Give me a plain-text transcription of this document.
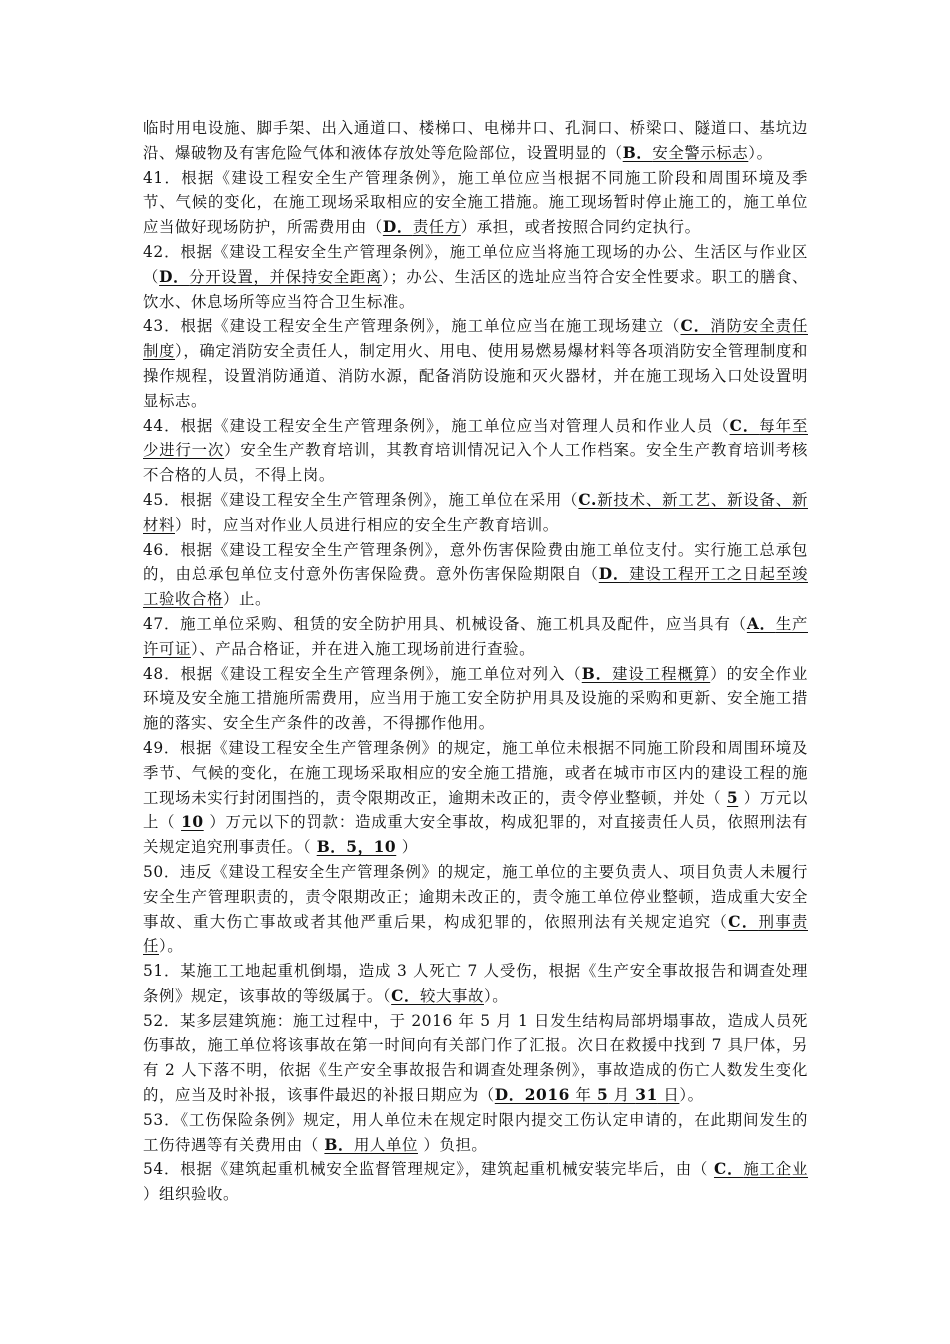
临时用电设施、脚手架、出入通道口、楼梯口、电梯井口、孔洞口、桥梁口、隧道口、基坑边沿、爆破物及有害危险气体和液体存放处等危险部位，设置明显的（B．安全警示标志）。

41．根据《建设工程安全生产管理条例》，施工单位应当根据不同施工阶段和周围环境及季节、气候的变化，在施工现场采取相应的安全施工措施。施工现场暂时停止施工的，施工单位应当做好现场防护，所需费用由（D．责任方）承担，或者按照合同约定执行。

42．根据《建设工程安全生产管理条例》，施工单位应当将施工现场的办公、生活区与作业区（D．分开设置，并保持安全距离）；办公、生活区的选址应当符合安全性要求。职工的膳食、饮水、休息场所等应当符合卫生标准。

43．根据《建设工程安全生产管理条例》，施工单位应当在施工现场建立（C．消防安全责任制度），确定消防安全责任人，制定用火、用电、使用易燃易爆材料等各项消防安全管理制度和操作规程，设置消防通道、消防水源，配备消防设施和灭火器材，并在施工现场入口处设置明显标志。

44．根据《建设工程安全生产管理条例》，施工单位应当对管理人员和作业人员（C．每年至少进行一次）安全生产教育培训，其教育培训情况记入个人工作档案。安全生产教育培训考核不合格的人员，不得上岗。

45．根据《建设工程安全生产管理条例》，施工单位在采用（C.新技术、新工艺、新设备、新材料）时，应当对作业人员进行相应的安全生产教育培训。

46．根据《建设工程安全生产管理条例》，意外伤害保险费由施工单位支付。实行施工总承包的，由总承包单位支付意外伤害保险费。意外伤害保险期限自（D．建设工程开工之日起至竣工验收合格）止。

47．施工单位采购、租赁的安全防护用具、机械设备、施工机具及配件，应当具有（A．生产许可证）、产品合格证，并在进入施工现场前进行查验。

48．根据《建设工程安全生产管理条例》，施工单位对列入（B．建设工程概算）的安全作业环境及安全施工措施所需费用，应当用于施工安全防护用具及设施的采购和更新、安全施工措施的落实、安全生产条件的改善，不得挪作他用。

49．根据《建设工程安全生产管理条例》的规定，施工单位未根据不同施工阶段和周围环境及季节、气候的变化，在施工现场采取相应的安全施工措施，或者在城市市区内的建设工程的施工现场未实行封闭围挡的，责令限期改正，逾期未改正的，责令停业整顿，并处（ 5 ）万元以上（ 10 ）万元以下的罚款：造成重大安全事故，构成犯罪的，对直接责任人员，依照刑法有关规定追究刑事责任。（ B．5，10 ）

50．违反《建设工程安全生产管理条例》的规定，施工单位的主要负责人、项目负责人未履行安全生产管理职责的，责令限期改正；逾期未改正的，责令施工单位停业整顿，造成重大安全事故、重大伤亡事故或者其他严重后果，构成犯罪的，依照刑法有关规定追究（C．刑事责任）。

51．某施工工地起重机倒塌，造成 3 人死亡 7 人受伤，根据《生产安全事故报告和调查处理条例》规定，该事故的等级属于。（C．较大事故）。

52．某多层建筑施：施工过程中，于 2016 年 5 月 1 日发生结构局部坍塌事故，造成人员死伤事故，施工单位将该事故在第一时间向有关部门作了汇报。次日在救援中找到 7 具尸体，另有 2 人下落不明，依据《生产安全事故报告和调查处理条例》，事故造成的伤亡人数发生变化的，应当及时补报，该事件最迟的补报日期应为（D．2016 年 5 月 31 日）。

53．《工伤保险条例》规定，用人单位未在规定时限内提交工伤认定申请的，在此期间发生的工伤待遇等有关费用由（ B．用人单位 ）负担。

54．根据《建筑起重机械安全监督管理规定》，建筑起重机械安装完毕后，由（ C．施工企业 ）组织验收。
